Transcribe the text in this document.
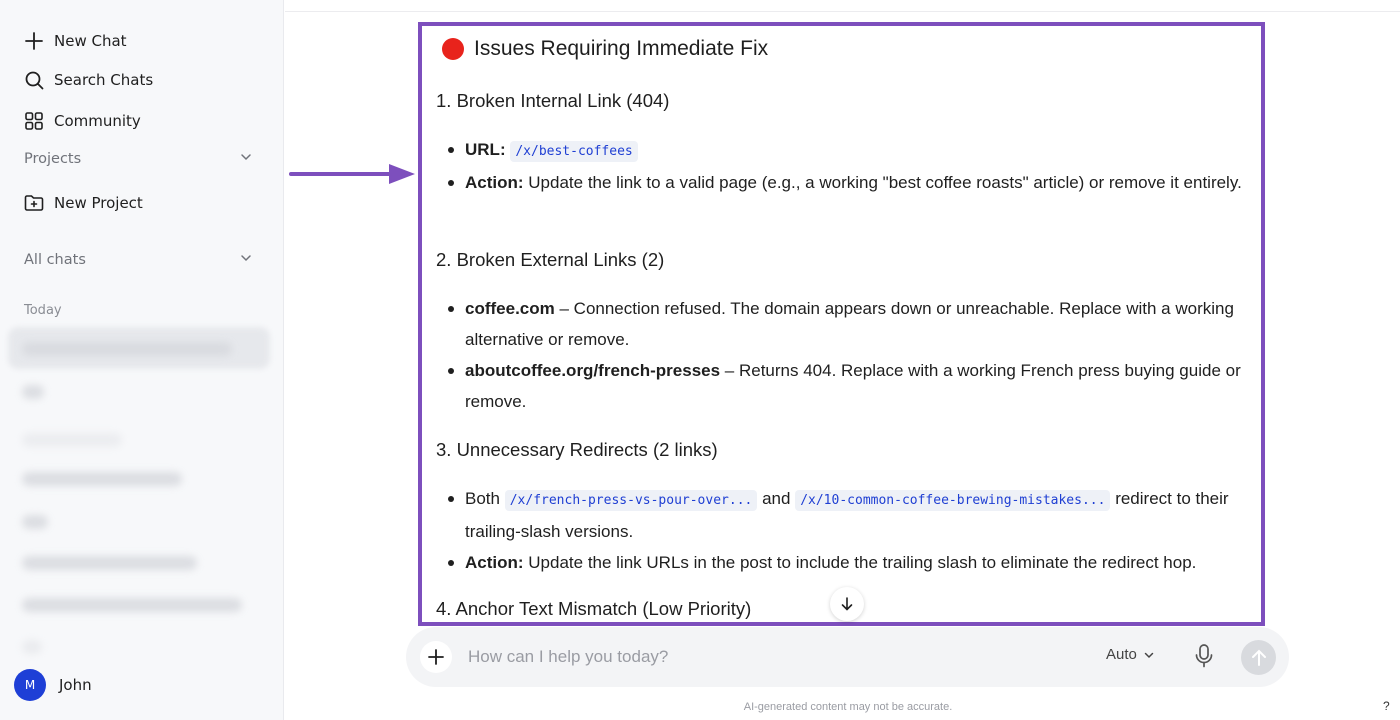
New Chat
Search Chats
Community
Projects
New Project
All chats
Today
M	John
Issues Requiring Immediate Fix
1. Broken Internal Link (404)
URL: /x/best-coffees
Action: Update the link to a valid page (e.g., a working "best coffee roasts" article) or remove it entirely.
2. Broken External Links (2)
coffee.com – Connection refused. The domain appears down or unreachable. Replace with a working alternative or remove.
aboutcoffee.org/french-presses – Returns 404. Replace with a working French press buying guide or remove.
3. Unnecessary Redirects (2 links)
Both /x/french-press-vs-pour-over... and /x/10-common-coffee-brewing-mistakes... redirect to their trailing-slash versions.
Action: Update the link URLs in the post to include the trailing slash to eliminate the redirect hop.
4. Anchor Text Mismatch (Low Priority)
How can I help you today?
Auto
AI-generated content may not be accurate.	?
